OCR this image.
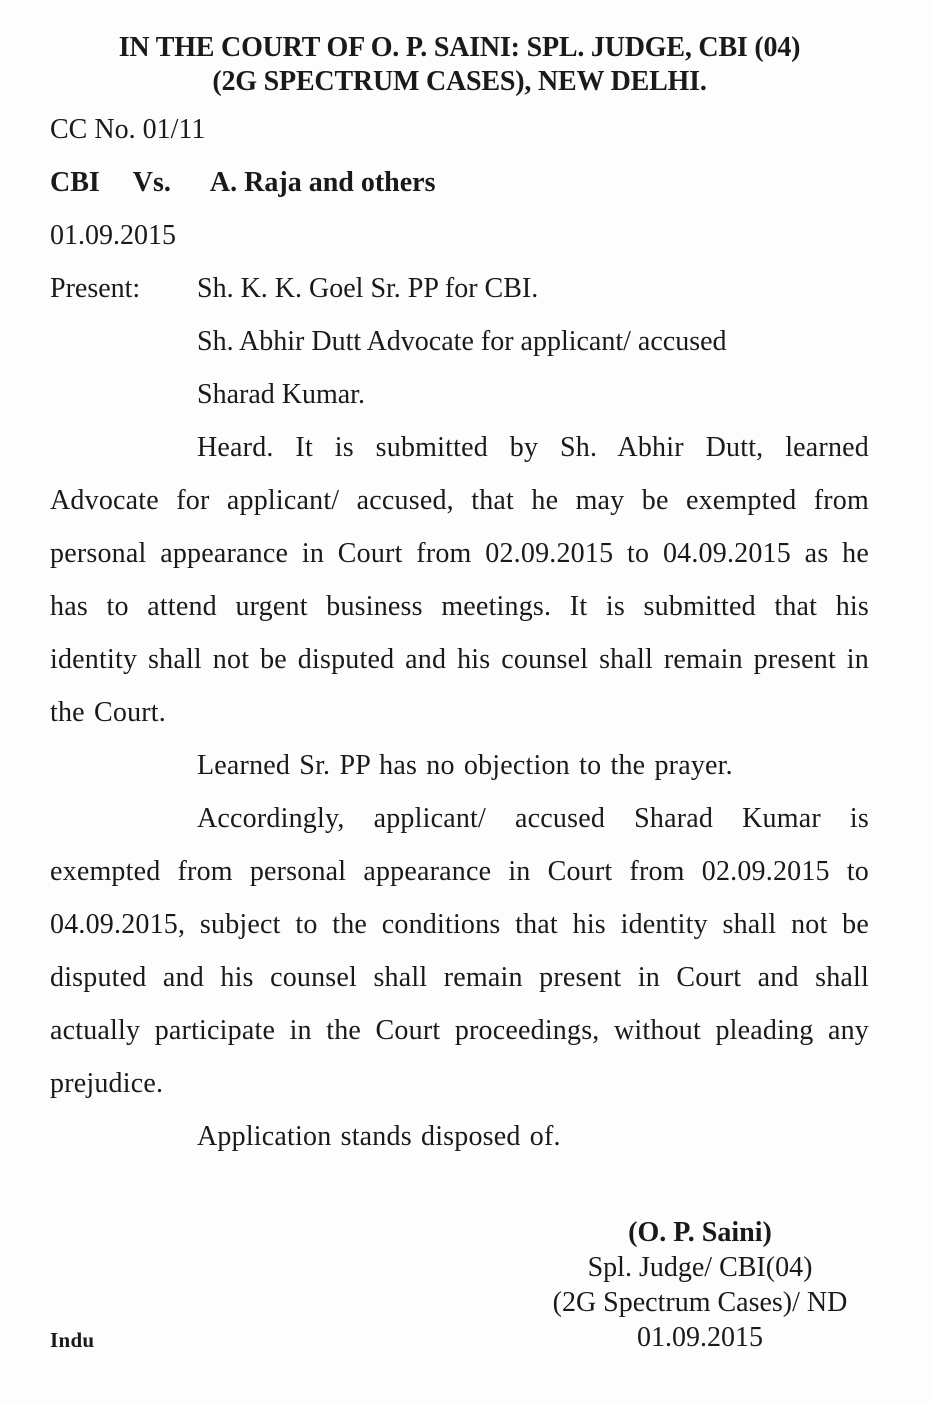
IN THE COURT OF O. P. SAINI: SPL. JUDGE, CBI (04)
(2G SPECTRUM CASES), NEW DELHI.
CC No. 01/11
CBI Vs. A. Raja and others
01.09.2015
Present:	Sh. K. K. Goel Sr. PP for CBI.
Sh. Abhir Dutt Advocate for applicant/ accused
Sharad Kumar.

Heard. It is submitted by Sh. Abhir Dutt, learned Advocate for applicant/ accused, that he may be exempted from personal appearance in Court from 02.09.2015 to 04.09.2015 as he has to attend urgent business meetings. It is submitted that his identity shall not be disputed and his counsel shall remain present in the Court.

Learned Sr. PP has no objection to the prayer.

Accordingly, applicant/ accused Sharad Kumar is exempted from personal appearance in Court from 02.09.2015 to 04.09.2015, subject to the conditions that his identity shall not be disputed and his counsel shall remain present in Court and shall actually participate in the Court proceedings, without pleading any prejudice.

Application stands disposed of.

(O. P. Saini)
Spl. Judge/ CBI(04)
(2G Spectrum Cases)/ ND
01.09.2015
Indu
